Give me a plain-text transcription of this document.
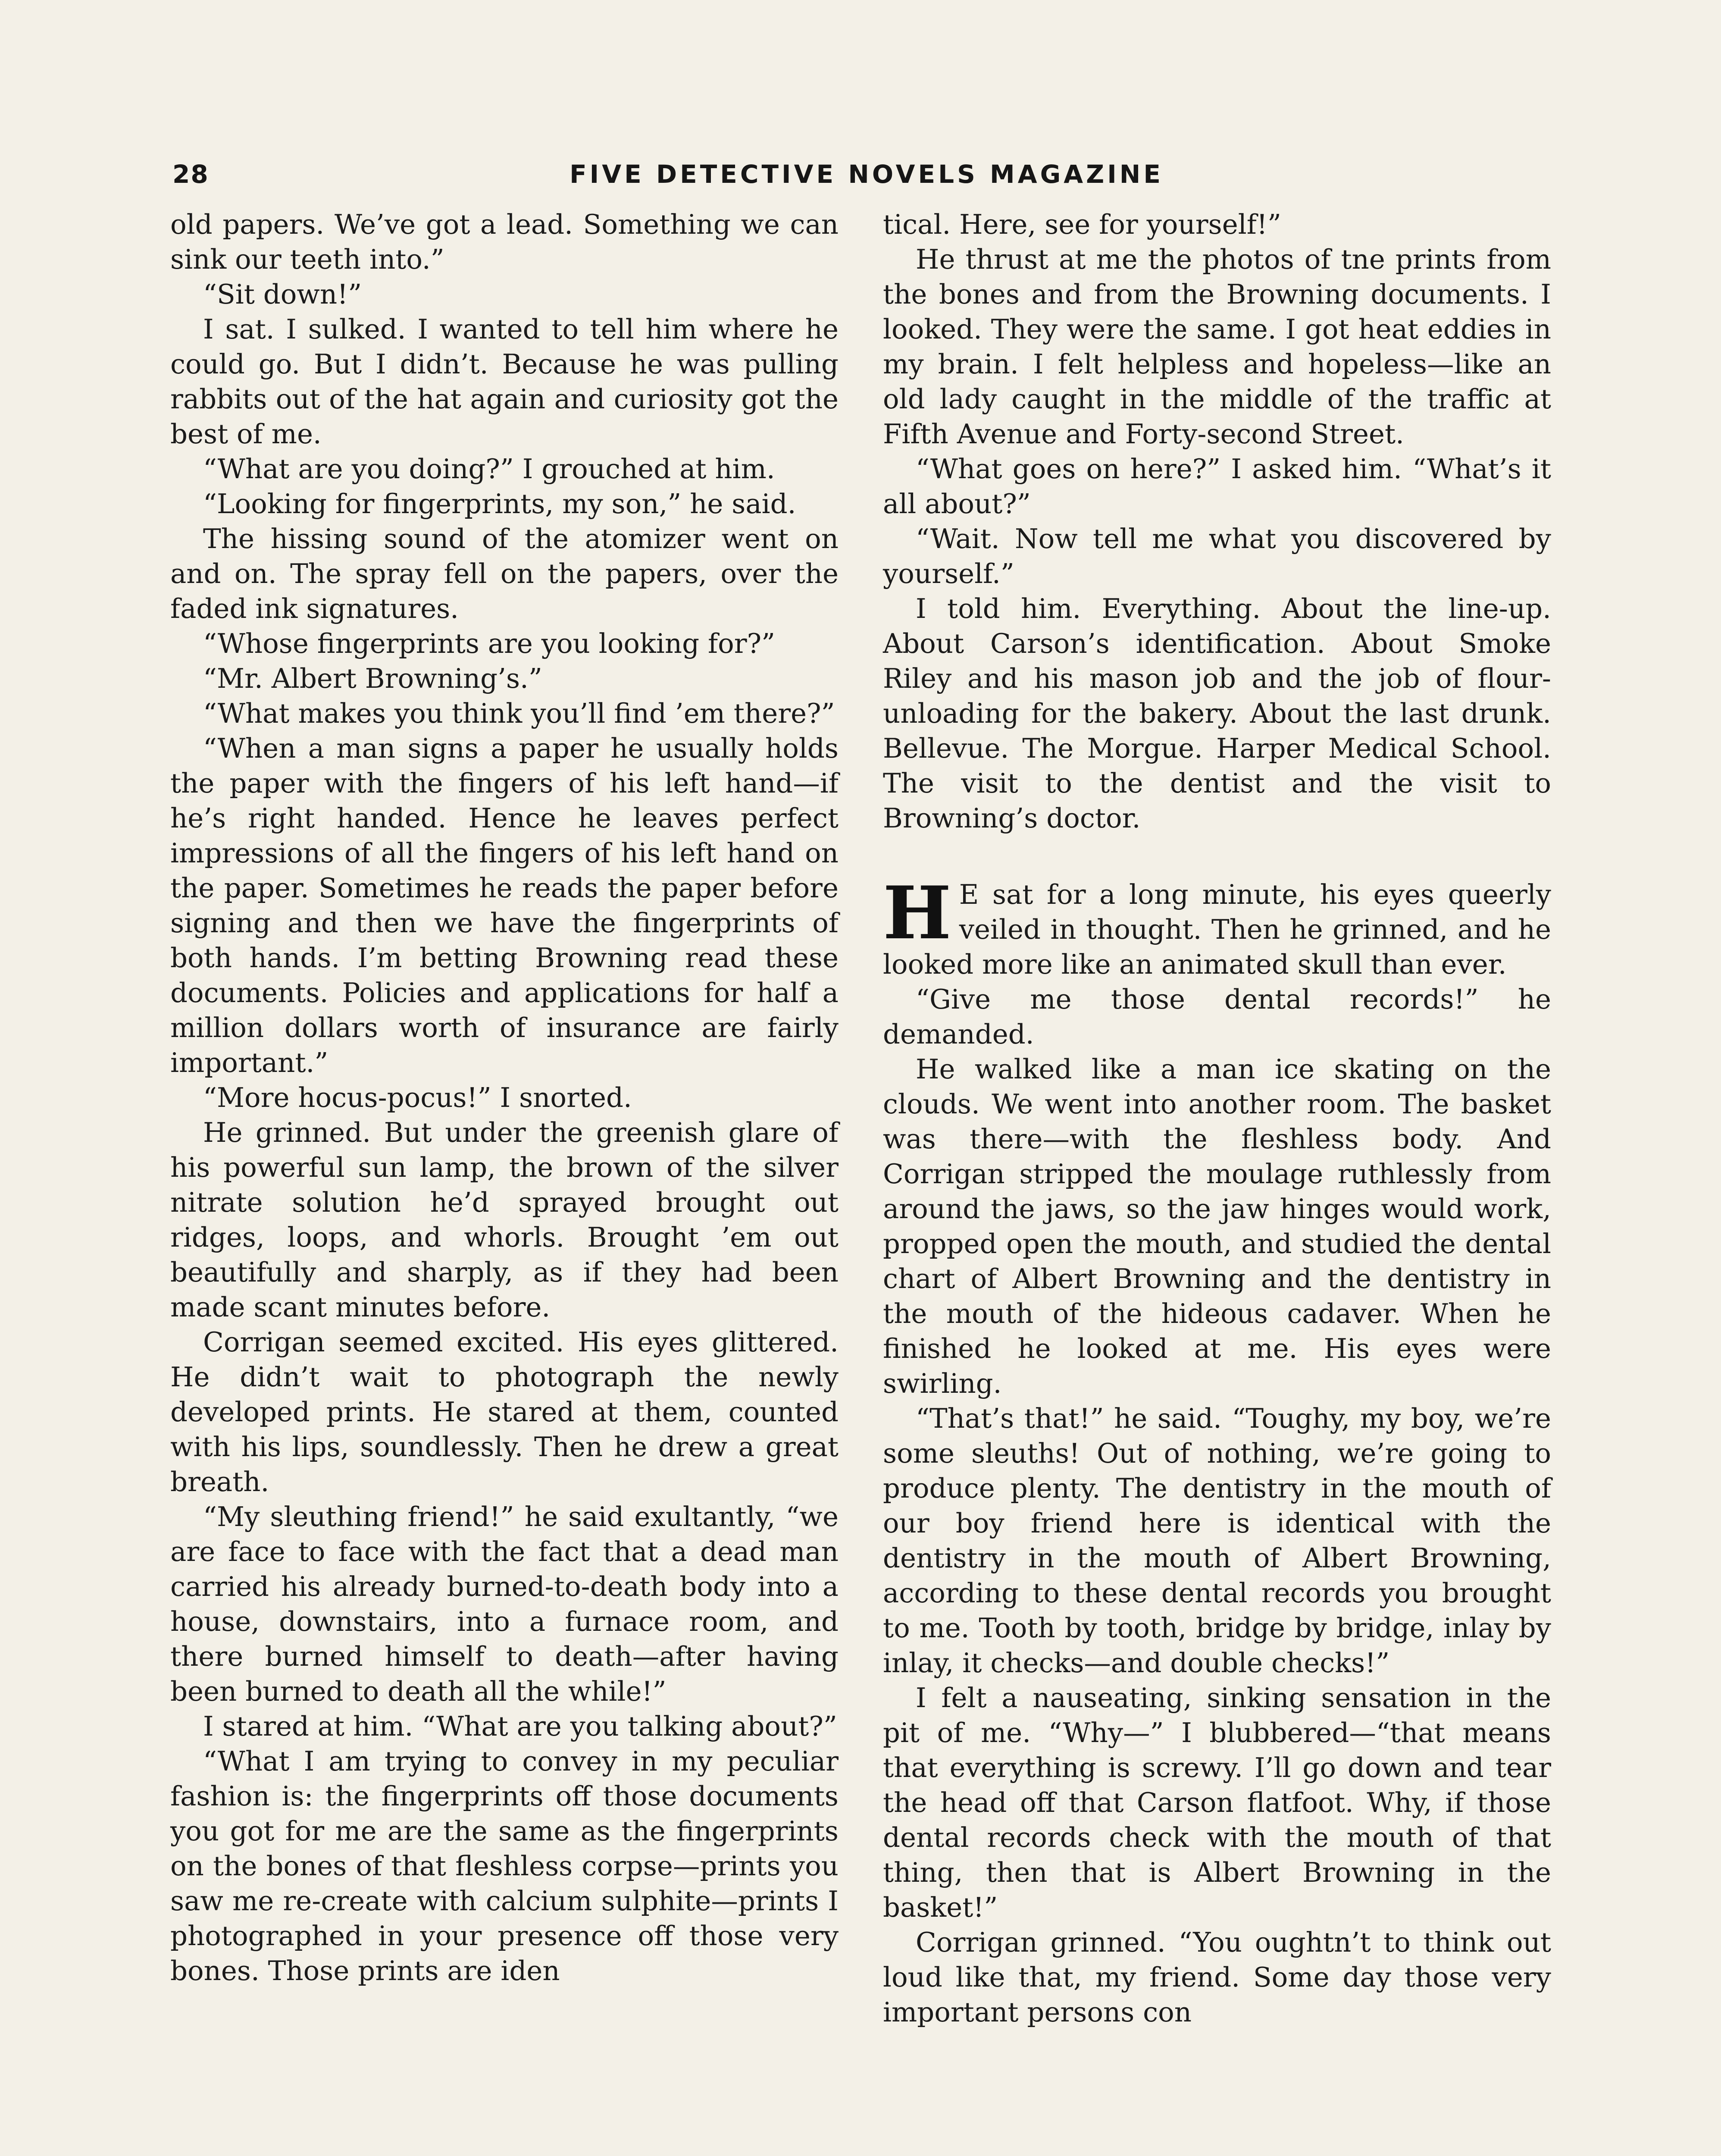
28	FIVE DETECTIVE NOVELS MAGAZINE

old papers. We’ve got a lead. Something we can sink our teeth into.”

“Sit down!”

I sat. I sulked. I wanted to tell him where he could go. But I didn’t. Because he was pulling rabbits out of the hat again and curiosity got the best of me.

“What are you doing?” I grouched at him.

“Looking for fingerprints, my son,” he said.

The hissing sound of the atomizer went on and on. The spray fell on the papers, over the faded ink signatures.

“Whose fingerprints are you looking for?”

“Mr. Albert Browning’s.”

“What makes you think you’ll find ’em there?”

“When a man signs a paper he usually holds the paper with the fingers of his left hand—if he’s right handed. Hence he leaves perfect impressions of all the fingers of his left hand on the paper. Sometimes he reads the paper before signing and then we have the fingerprints of both hands. I’m betting Browning read these documents. Policies and applications for half a million dollars worth of insurance are fairly important.”

“More hocus-pocus!” I snorted.

He grinned. But under the greenish glare of his powerful sun lamp, the brown of the silver nitrate solution he’d sprayed brought out ridges, loops, and whorls. Brought ’em out beautifully and sharply, as if they had been made scant minutes before.

Corrigan seemed excited. His eyes glittered. He didn’t wait to photograph the newly developed prints. He stared at them, counted with his lips, soundlessly. Then he drew a great breath.

“My sleuthing friend!” he said exultantly, “we are face to face with the fact that a dead man carried his already burned-to-death body into a house, downstairs, into a furnace room, and there burned himself to death—after having been burned to death all the while!”

I stared at him. “What are you talking about?”

“What I am trying to convey in my peculiar fashion is: the fingerprints off those documents you got for me are the same as the fingerprints on the bones of that fleshless corpse—prints you saw me re-create with calcium sulphite—prints I photographed in your presence off those very bones. Those prints are iden

tical. Here, see for yourself!”

He thrust at me the photos of tne prints from the bones and from the Browning documents. I looked. They were the same. I got heat eddies in my brain. I felt helpless and hopeless—like an old lady caught in the middle of the traffic at Fifth Avenue and Forty-second Street.

“What goes on here?” I asked him. “What’s it all about?”

“Wait. Now tell me what you discovered by yourself.”

I told him. Everything. About the line-up. About Carson’s identification. About Smoke Riley and his mason job and the job of flour-unloading for the bakery. About the last drunk. Bellevue. The Morgue. Harper Medical School. The visit to the dentist and the visit to Browning’s doctor.

H E sat for a long minute, his eyes queerly veiled in thought. Then he grinned, and he looked more like an animated skull than ever.

“Give me those dental records!” he demanded.

He walked like a man ice skating on the clouds. We went into another room. The basket was there—with the fleshless body. And Corrigan stripped the moulage ruthlessly from around the jaws, so the jaw hinges would work, propped open the mouth, and studied the dental chart of Albert Browning and the dentistry in the mouth of the hideous cadaver. When he finished he looked at me. His eyes were swirling.

“That’s that!” he said. “Toughy, my boy, we’re some sleuths! Out of nothing, we’re going to produce plenty. The dentistry in the mouth of our boy friend here is identical with the dentistry in the mouth of Albert Browning, according to these dental records you brought to me. Tooth by tooth, bridge by bridge, inlay by inlay, it checks—and double checks!”

I felt a nauseating, sinking sensation in the pit of me. “Why—” I blubbered—“that means that everything is screwy. I’ll go down and tear the head off that Carson flatfoot. Why, if those dental records check with the mouth of that thing, then that is Albert Browning in the basket!”

Corrigan grinned. “You oughtn’t to think out loud like that, my friend. Some day those very important persons con
